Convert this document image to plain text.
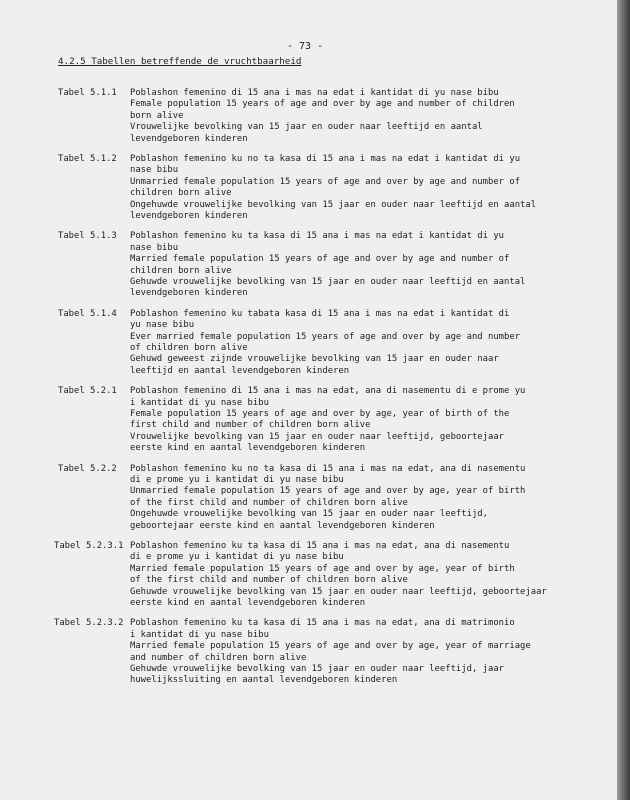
- 73 -
4.2.5 Tabellen betreffende de vruchtbaarheid
Tabel 5.1.1 Poblashon femenino di 15 ana i mas na edat i kantidat di yu nase bibu
Female population 15 years of age and over by age and number of children
born alive
Vrouwelijke bevolking van 15 jaar en ouder naar leeftijd en aantal
levendgeboren kinderen
Tabel 5.1.2 Poblashon femenino ku no ta kasa di 15 ana i mas na edat i kantidat di yu
nase bibu
Unmarried female population 15 years of age and over by age and number of
children born alive
Ongehuwde vrouwelijke bevolking van 15 jaar en ouder naar leeftijd en aantal
levendgeboren kinderen
Tabel 5.1.3 Poblashon femenino ku ta kasa di 15 ana i mas na edat i kantidat di yu
nase bibu
Married female population 15 years of age and over by age and number of
children born alive
Gehuwde vrouwelijke bevolking van 15 jaar en ouder naar leeftijd en aantal
levendgeboren kinderen
Tabel 5.1.4 Poblashon femenino ku tabata kasa di 15 ana i mas na edat i kantidat di
yu nase bibu
Ever married female population 15 years of age and over by age and number
of children born alive
Gehuwd geweest zijnde vrouwelijke bevolking van 15 jaar en ouder naar
leeftijd en aantal levendgeboren kinderen
Tabel 5.2.1 Poblashon femenino di 15 ana i mas na edat, ana di nasementu di e prome yu
i kantidat di yu nase bibu
Female population 15 years of age and over by age, year of birth of the
first child and number of children born alive
Vrouwelijke bevolking van 15 jaar en ouder naar leeftijd, geboortejaar
eerste kind en aantal levendgeboren kinderen
Tabel 5.2.2 Poblashon femenino ku no ta kasa di 15 ana i mas na edat, ana di nasementu
di e prome yu i kantidat di yu nase bibu
Unmarried female population 15 years of age and over by age, year of birth
of the first child and number of children born alive
Ongehuwde vrouwelijke bevolking van 15 jaar en ouder naar leeftijd,
geboortejaar eerste kind en aantal levendgeboren kinderen
Tabel 5.2.3.1 Poblashon femenino ku ta kasa di 15 ana i mas na edat, ana di nasementu
di e prome yu i kantidat di yu nase bibu
Married female population 15 years of age and over by age, year of birth
of the first child and number of children born alive
Gehuwde vrouwelijke bevolking van 15 jaar en ouder naar leeftijd, geboortejaar
eerste kind en aantal levendgeboren kinderen
Tabel 5.2.3.2 Poblashon femenino ku ta kasa di 15 ana i mas na edat, ana di matrimonio
i kantidat di yu nase bibu
Married female population 15 years of age and over by age, year of marriage
and number of children born alive
Gehuwde vrouwelijke bevolking van 15 jaar en ouder naar leeftijd, jaar
huwelijkssluiting en aantal levendgeboren kinderen
